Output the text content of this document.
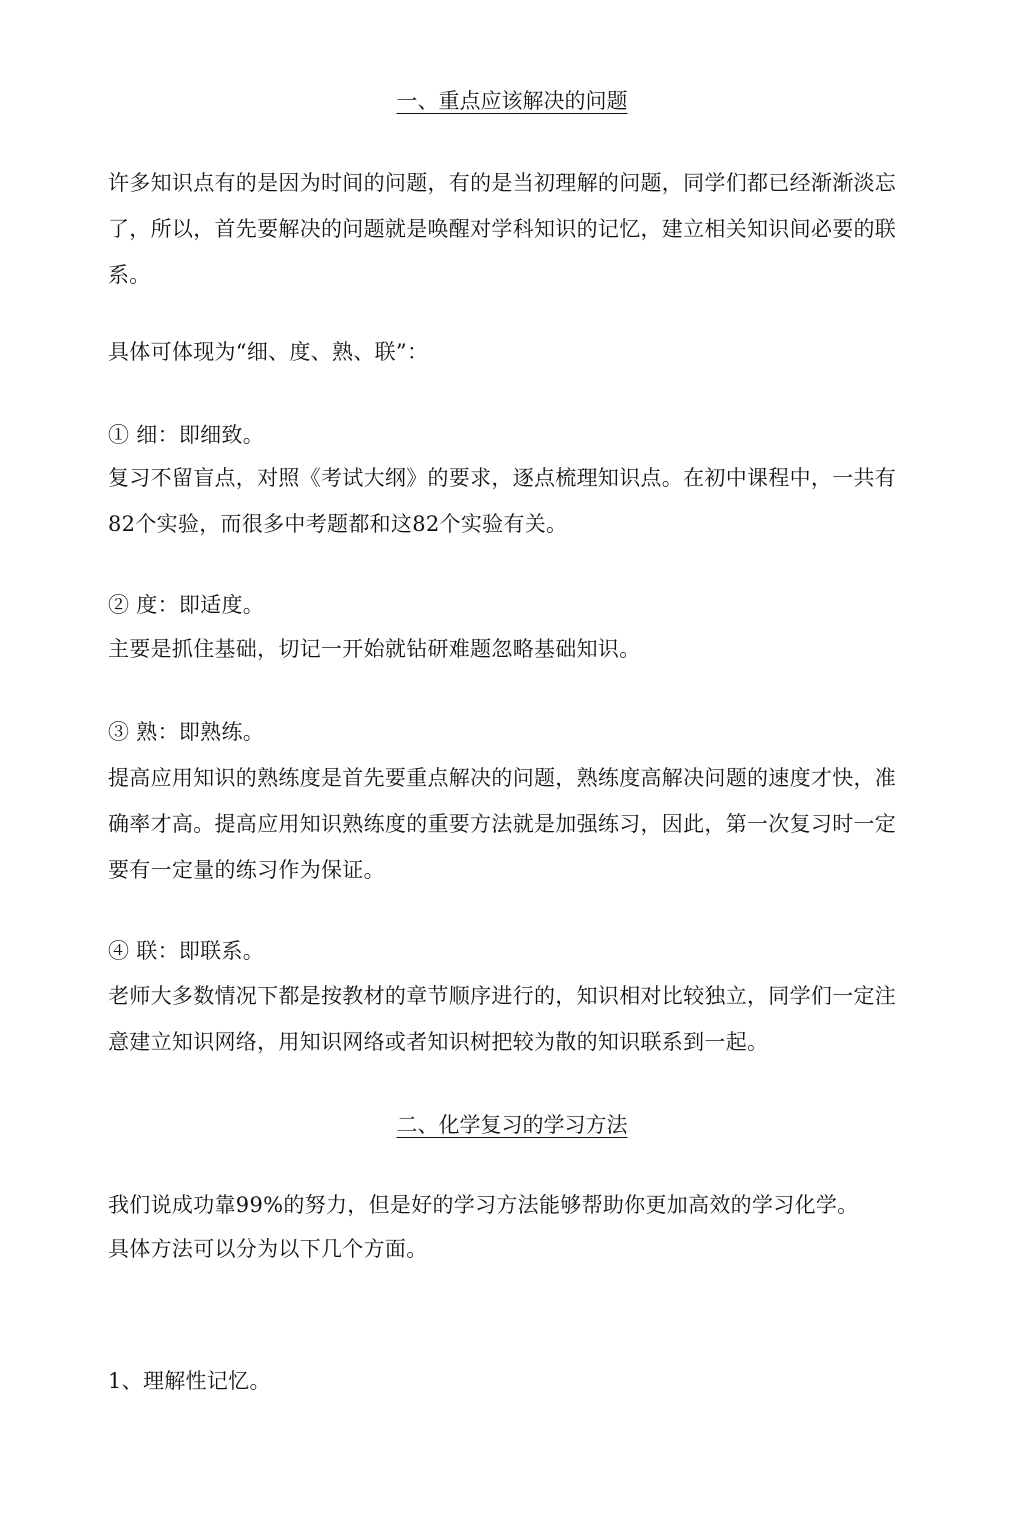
一、重点应该解决的问题

许多知识点有的是因为时间的问题，有的是当初理解的问题，同学们都已经渐渐淡忘了，所以，首先要解决的问题就是唤醒对学科知识的记忆，建立相关知识间必要的联系。

具体可体现为“细、度、熟、联”：
① 细：即细致。

复习不留盲点，对照《考试大纲》的要求，逐点梳理知识点。在初中课程中，一共有82个实验，而很多中考题都和这82个实验有关。

② 度：即适度。

主要是抓住基础，切记一开始就钻研难题忽略基础知识。

③ 熟：即熟练。

提高应用知识的熟练度是首先要重点解决的问题，熟练度高解决问题的速度才快，准确率才高。提高应用知识熟练度的重要方法就是加强练习，因此，第一次复习时一定要有一定量的练习作为保证。

④ 联：即联系。

老师大多数情况下都是按教材的章节顺序进行的，知识相对比较独立，同学们一定注意建立知识网络，用知识网络或者知识树把较为散的知识联系到一起。

二、化学复习的学习方法
我们说成功靠99%的努力，但是好的学习方法能够帮助你更加高效的学习化学。
具体方法可以分为以下几个方面。
1、理解性记忆。
